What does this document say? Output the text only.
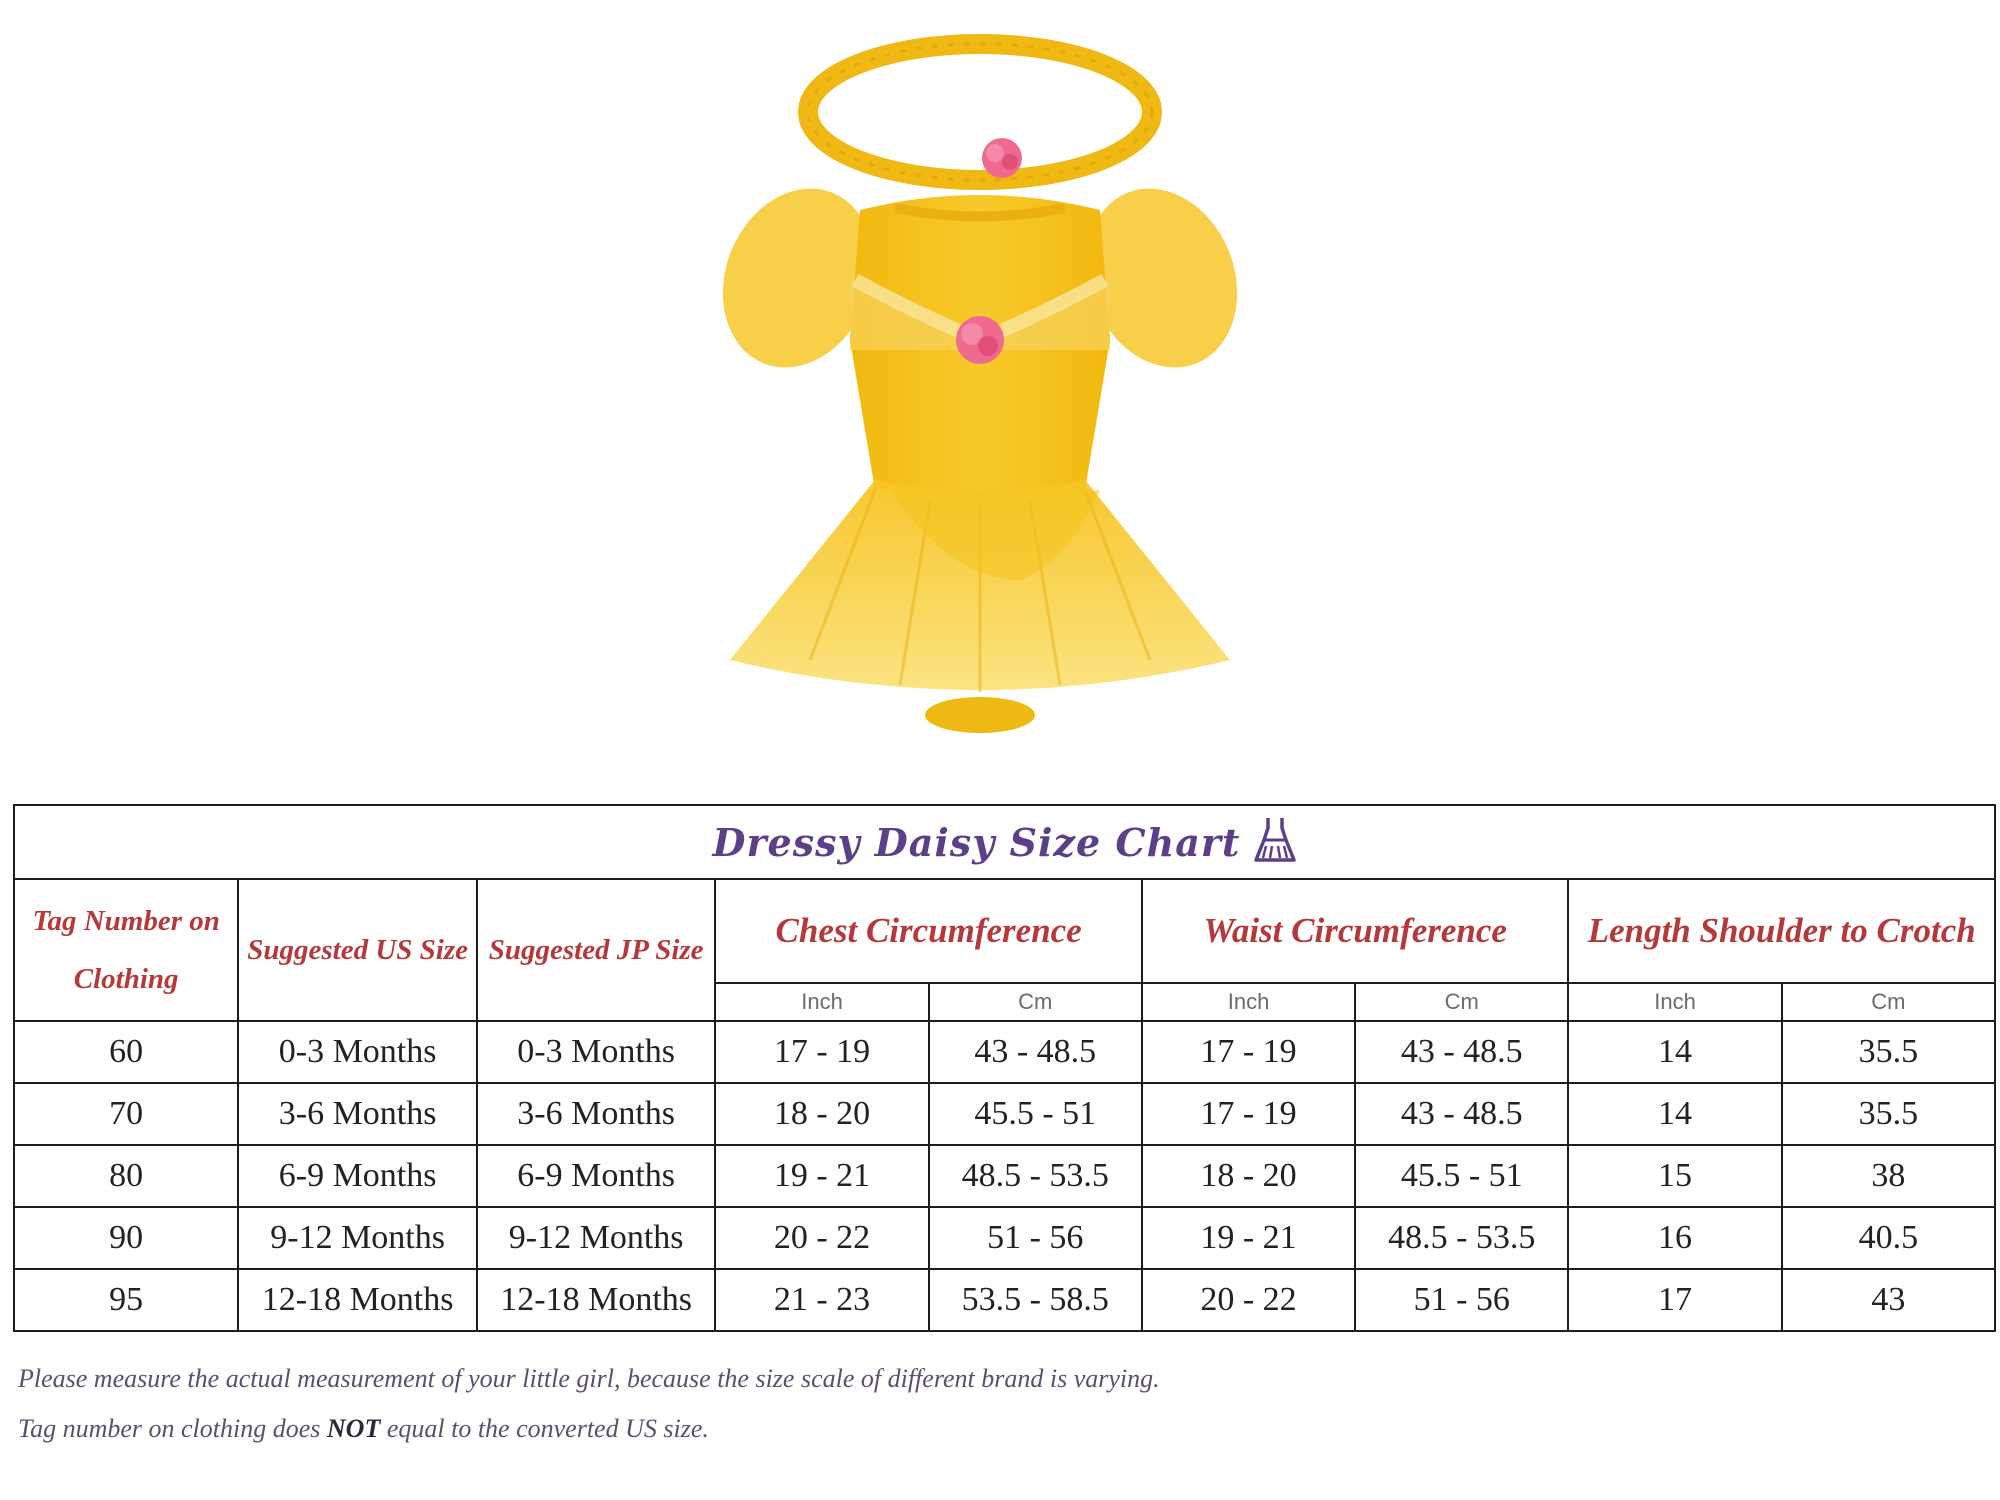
Dressy Daisy Size Chart								
Tag Number on Clothing	Suggested US Size	Suggested JP Size	Chest Circumference		Waist Circumference		Length Shoulder to Crotch	
			Inch	Cm	Inch	Cm	Inch	Cm
60	0-3 Months	0-3 Months	17 - 19	43 - 48.5	17 - 19	43 - 48.5	14	35.5
70	3-6 Months	3-6 Months	18 - 20	45.5 - 51	17 - 19	43 - 48.5	14	35.5
80	6-9 Months	6-9 Months	19 - 21	48.5 - 53.5	18 - 20	45.5 - 51	15	38
90	9-12 Months	9-12 Months	20 - 22	51 - 56	19 - 21	48.5 - 53.5	16	40.5
95	12-18 Months	12-18 Months	21 - 23	53.5 - 58.5	20 - 22	51 - 56	17	43
Please measure the actual measurement of your little girl, because the size scale of different brand is varying.
Tag number on clothing does NOT equal to the converted US size.
